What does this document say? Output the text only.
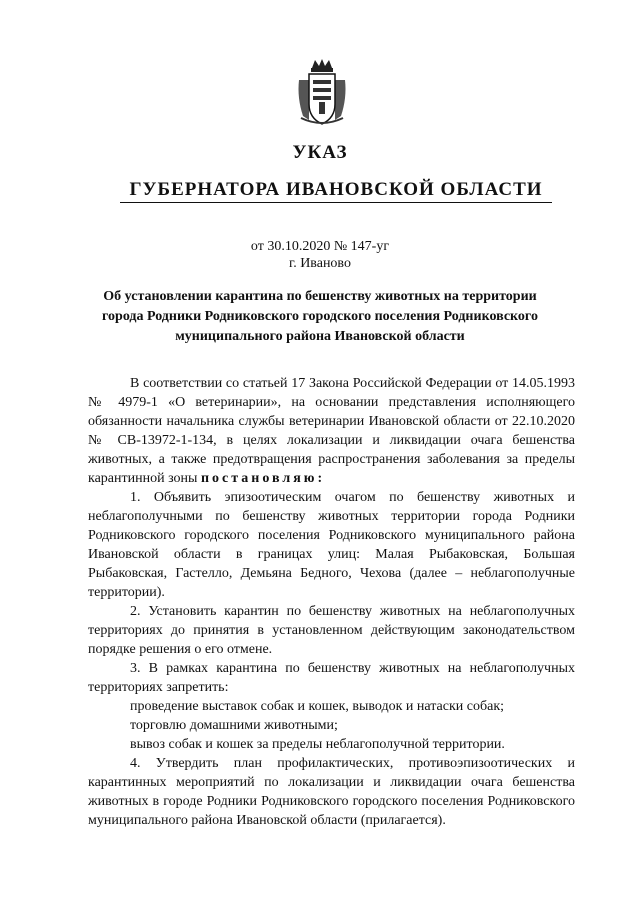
УКАЗ
ГУБЕРНАТОРА ИВАНОВСКОЙ ОБЛАСТИ
от 30.10.2020 № 147-уг
г. Иваново
Об установлении карантина по бешенству животных на территории города Родники Родниковского городского поселения Родниковского муниципального района Ивановской области

В соответствии со статьей 17 Закона Российской Федерации от 14.05.1993 № 4979-1 «О ветеринарии», на основании представления исполняющего обязанности начальника службы ветеринарии Ивановской области от 22.10.2020 № СВ-13972-1-134, в целях локализации и ликвидации очага бешенства животных, а также предотвращения распространения заболевания за пределы карантинной зоны постановляю:

1. Объявить эпизоотическим очагом по бешенству животных и неблагополучными по бешенству животных территории города Родники Родниковского городского поселения Родниковского муниципального района Ивановской области в границах улиц: Малая Рыбаковская, Большая Рыбаковская, Гастелло, Демьяна Бедного, Чехова (далее – неблагополучные территории).

2. Установить карантин по бешенству животных на неблагополучных территориях до принятия в установленном действующим законодательством порядке решения о его отмене.

3. В рамках карантина по бешенству животных на неблагополучных территориях запретить:

проведение выставок собак и кошек, выводок и натаски собак;

торговлю домашними животными;

вывоз собак и кошек за пределы неблагополучной территории.

4. Утвердить план профилактических, противоэпизоотических и карантинных мероприятий по локализации и ликвидации очага бешенства животных в городе Родники Родниковского городского поселения Родниковского муниципального района Ивановской области (прилагается).
